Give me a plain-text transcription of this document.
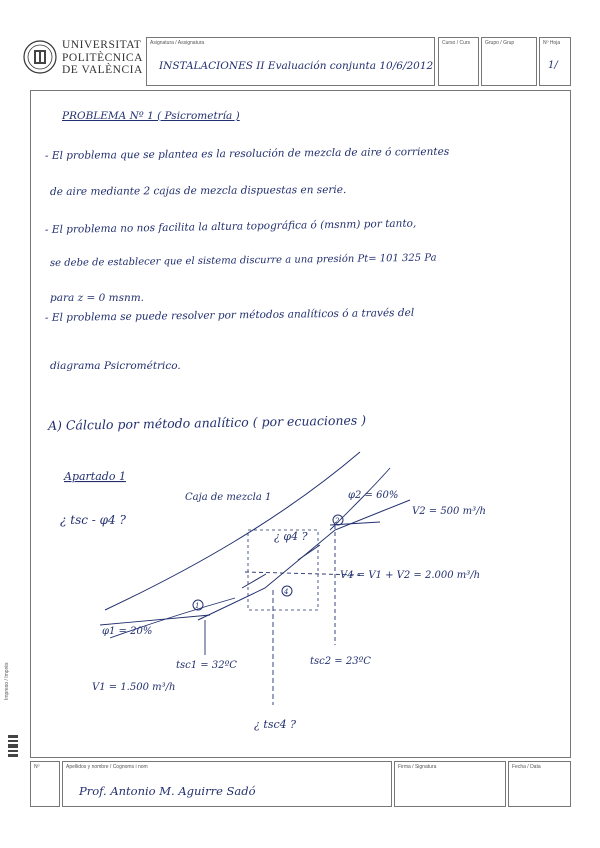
UNIVERSITAT
POLITÈCNICA
DE VALÈNCIA
Asignatura / Assignatura
INSTALACIONES II Evaluación conjunta 10/6/2012
Curso / Curs	Grupo / Grup	Nº Hoja
1/
PROBLEMA Nº 1 ( Psicrometría )
- El problema que se plantea es la resolución de mezcla de aire ó corrientes
de aire mediante 2 cajas de mezcla dispuestas en serie.
- El problema no nos facilita la altura topográfica ó (msnm) por tanto,
se debe de establecer que el sistema discurre a una presión Pt= 101 325 Pa
para z = 0 msnm.
- El problema se puede resolver por métodos analíticos ó a través del
diagrama Psicrométrico.
A) Cálculo por método analítico ( por ecuaciones )
1
4
2
Apartado 1
¿ tsc - φ4 ?
Caja de mezcla 1	φ2 = 60%
V2 = 500 m³/h
¿ φ4 ?
V4 = V1 + V2 = 2.000 m³/h
φ1 = 20%
tsc1 = 32ºC	tsc2 = 23ºC
V1 = 1.500 m³/h
¿ tsc4 ?
Nº	Apellidos y nombre / Cognoms i nom
Prof. Antonio M. Aguirre Sadó
Firma / Signatura	Fecha / Data
Impreso / Imprès
